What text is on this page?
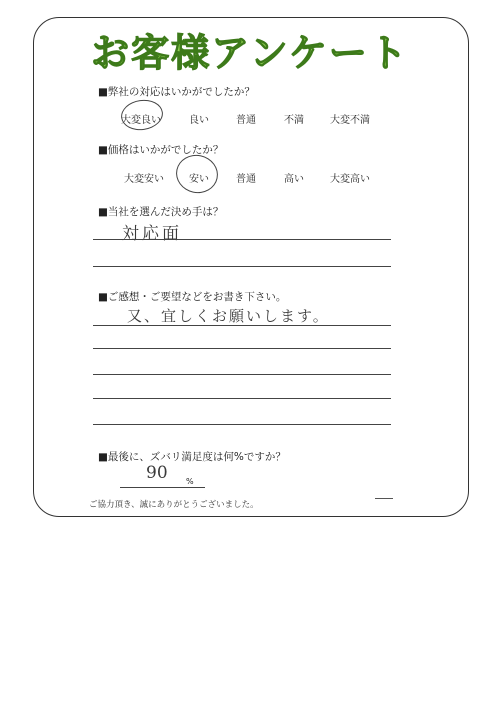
お客様アンケート
■弊社の対応はいかがでしたか？
大変良い	良い	普通	不満	大変不満
■価格はいかがでしたか？
大変安い	安い	普通	高い	大変高い
■当社を選んだ決め手は？
対応面
■ご感想・ご要望などをお書き下さい。
又、宜しくお願いします。
■最後に、ズバリ満足度は何%ですか？
90 %
ご協力頂き、誠にありがとうございました。
